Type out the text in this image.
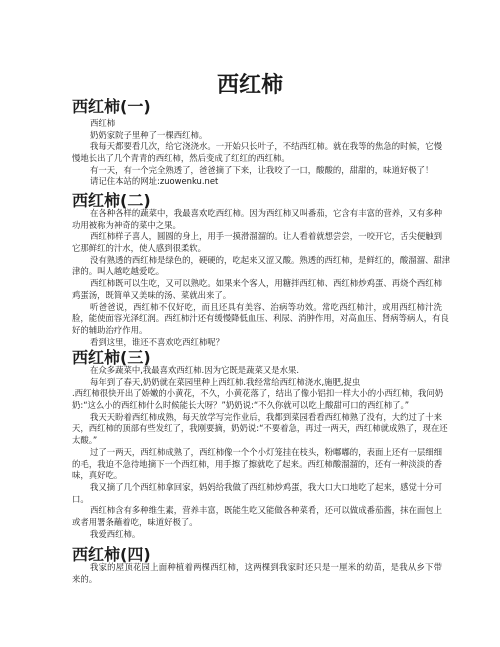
西红柿
西红柿(一)
西红柿
奶奶家院子里种了一棵西红柿。
我每天都要看几次，给它浇浇水。一开始只长叶子，不结西红柿。就在我等的焦急的时候，它慢
慢地长出了几个青青的西红柿，然后变成了红红的西红柿。
有一天，有一个完全熟透了，爸爸摘了下来，让我咬了一口，酸酸的，甜甜的，味道好极了！
请记住本站的网址:zuowenku.net
西红柿(二)
在各种各样的蔬菜中，我最喜欢吃西红柿。因为西红柿又叫番茄，它含有丰富的营养，又有多种
功用被称为神奇的菜中之果。
西红柿样子喜人，圆圆的身上，用手一摸滑溜溜的。让人看着就想尝尝，一咬开它，舌尖便触到
它那鲜红的汁水，使人感到很柔软。
没有熟透的西红柿是绿色的，硬硬的，吃起来又涩又酸。熟透的西红柿，是鲜红的，酸溜溜、甜津
津的。叫人越吃越爱吃。
西红柿既可以生吃，又可以熟吃。如果来个客人，用糖拌西红柿、西红柿炒鸡蛋、再烧个西红柿
鸡蛋汤，既简单又美味的汤、菜就出来了。
听爸爸说，西红柿不仅好吃，而且还具有美容、治病等功效。常吃西红柿汁，或用西红柿汁洗
脸，能使面容光泽红润。西红柿汁还有缓慢降低血压、利尿、消肿作用，对高血压、肾病等病人，有良
好的辅助治疗作用。
看到这里，谁还不喜欢吃西红柿呢？
西红柿(三)
在众多蔬菜中,我最喜欢西红柿.因为它既是蔬菜又是水果.
每年到了春天,奶奶就在菜园里种上西红柿.我经常给西红柿浇水,施肥,捉虫
.西红柿很快开出了娇嫩的小黄花，不久，小黄花落了，结出了像小铝扣一样大小的小西红柿，我问奶
奶:“这么小的西红柿什么时候能长大呀？”奶奶说:“不久你就可以吃上酸甜可口的西红柿了。”
我天天盼着西红柿成熟，每天放学写完作业后，我都到菜园看看西红柿熟了没有，大约过了十来
天，西红柿的顶部有些发红了，我刚要摘，奶奶说:“不要着急，再过一两天，西红柿就成熟了，现在还
太酸。”
过了一两天，西红柿成熟了，西红柿像一个个小灯笼挂在枝头，粉嘟嘟的，表面上还有一层细细
的毛，我迫不急待地摘下一个西红柿，用手擦了擦就吃了起来。西红柿酸溜溜的，还有一种淡淡的香
味，真好吃。
我又摘了几个西红柿拿回家，妈妈给我做了西红柿炒鸡蛋，我大口大口地吃了起来，感觉十分可
口。
西红柿含有多种维生素，营养丰富，既能生吃又能做各种菜肴，还可以做成番茄酱，抹在面包上
或者用署条蘸着吃，味道好极了。
我爱西红柿。
西红柿(四)
我家的屋顶花园上面种植着两棵西红柿，这两棵到我家时还只是一厘米的幼苗，是我从乡下带
来的。
